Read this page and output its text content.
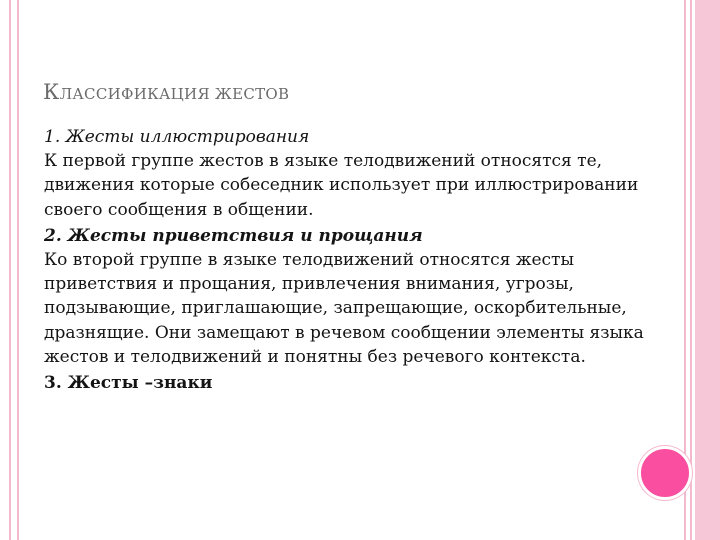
КЛАССИФИКАЦИЯ ЖЕСТОВ

1. Жесты иллюстрирования

К первой группе жестов в языке телодвижений относятся те, движения которые собеседник использует при иллюстрировании своего сообщения в общении.

2. Жесты приветствия и прощания

Ко второй группе в языке телодвижений относятся жесты приветствия и прощания, привлечения внимания, угрозы, подзывающие, приглашающие, запрещающие, оскорбительные, дразнящие. Они замещают в речевом сообщении элементы языка жестов и телодвижений и понятны без речевого контекста.

3. Жесты –знаки
